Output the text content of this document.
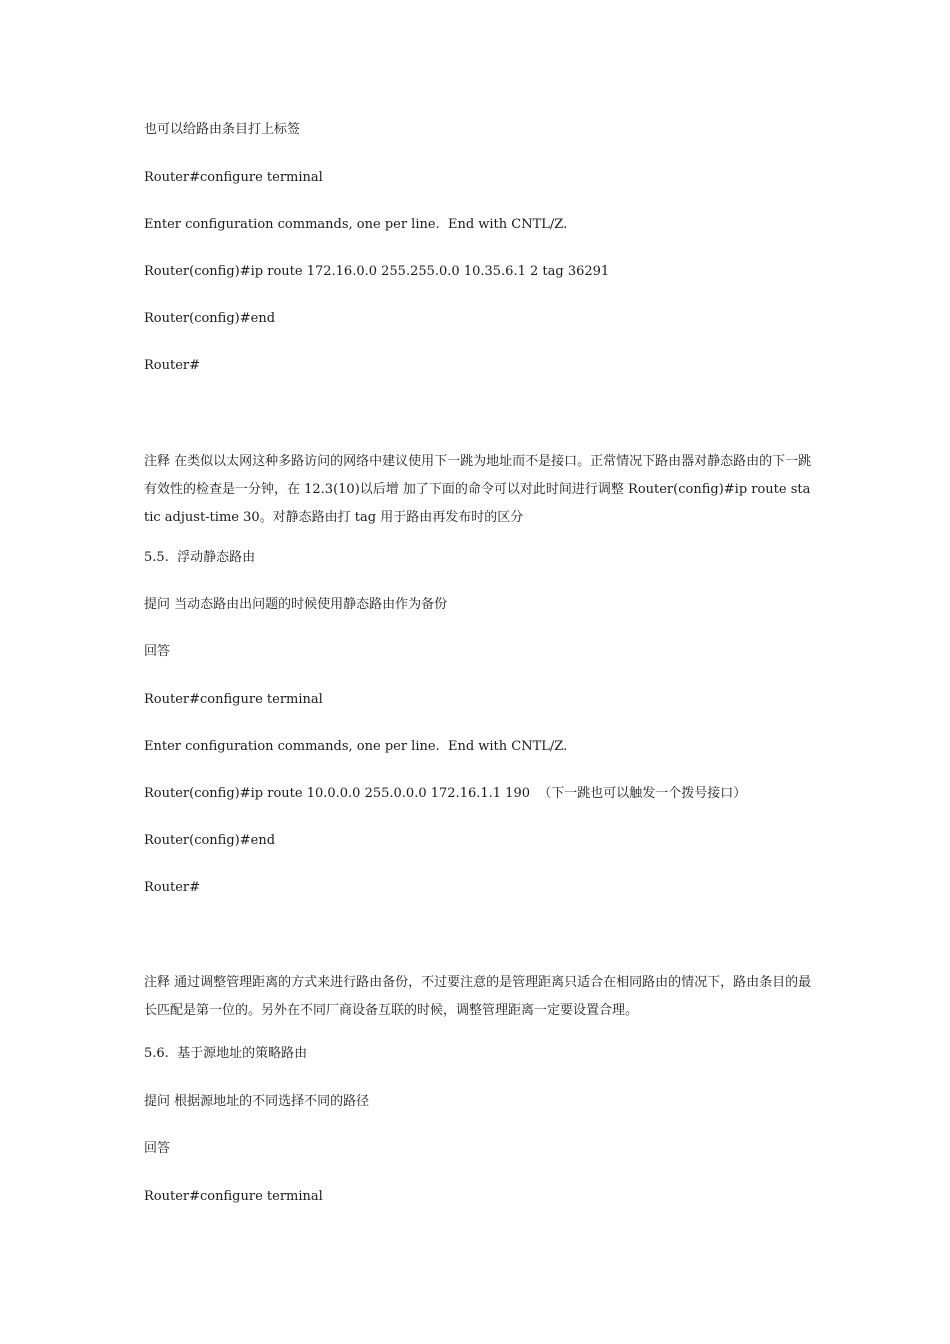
也可以给路由条目打上标签
Router#configure terminal
Enter configuration commands, one per line.  End with CNTL/Z.
Router(config)#ip route 172.16.0.0 255.255.0.0 10.35.6.1 2 tag 36291
Router(config)#end
Router#
注释 在类似以太网这种多路访问的网络中建议使用下一跳为地址而不是接口。正常情况下路由器对静态路由的下一跳有效性的检查是一分钟，在 12.3(10)以后增 加了下面的命令可以对此时间进行调整 Router(config)#ip route static adjust-time 30。对静态路由打 tag 用于路由再发布时的区分
5.5.  浮动静态路由
提问 当动态路由出问题的时候使用静态路由作为备份
回答
Router#configure terminal
Enter configuration commands, one per line.  End with CNTL/Z.
Router(config)#ip route 10.0.0.0 255.0.0.0 172.16.1.1 190  （下一跳也可以触发一个拨号接口）
Router(config)#end
Router#
注释 通过调整管理距离的方式来进行路由备份，不过要注意的是管理距离只适合在相同路由的情况下，路由条目的最长匹配是第一位的。另外在不同厂商设备互联的时候，调整管理距离一定要设置合理。
5.6.  基于源地址的策略路由
提问 根据源地址的不同选择不同的路径
回答
Router#configure terminal
